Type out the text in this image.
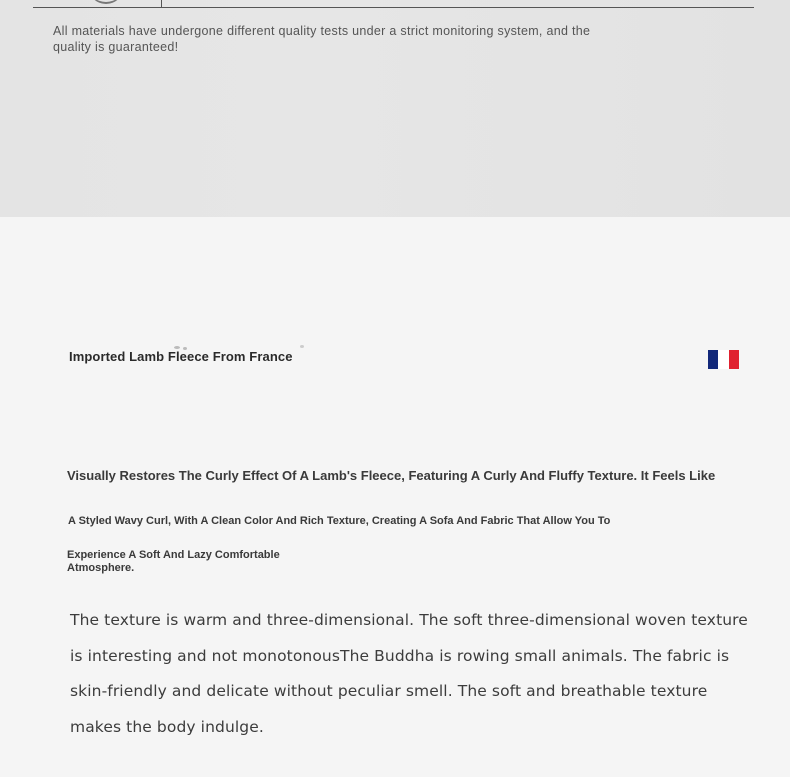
All materials have undergone different quality tests under a strict monitoring system, and the quality is guaranteed!

Imported Lamb Fleece From France

Visually Restores The Curly Effect Of A Lamb's Fleece, Featuring A Curly And Fluffy Texture. It Feels Like

A Styled Wavy Curl, With A Clean Color And Rich Texture, Creating A Sofa And Fabric That Allow You To

Experience A Soft And Lazy Comfortable Atmosphere.

The texture is warm and three-dimensional. The soft three-dimensional woven texture is interesting and not monotonousThe Buddha is rowing small animals. The fabric is skin-friendly and delicate without peculiar smell. The soft and breathable texture makes the body indulge.
